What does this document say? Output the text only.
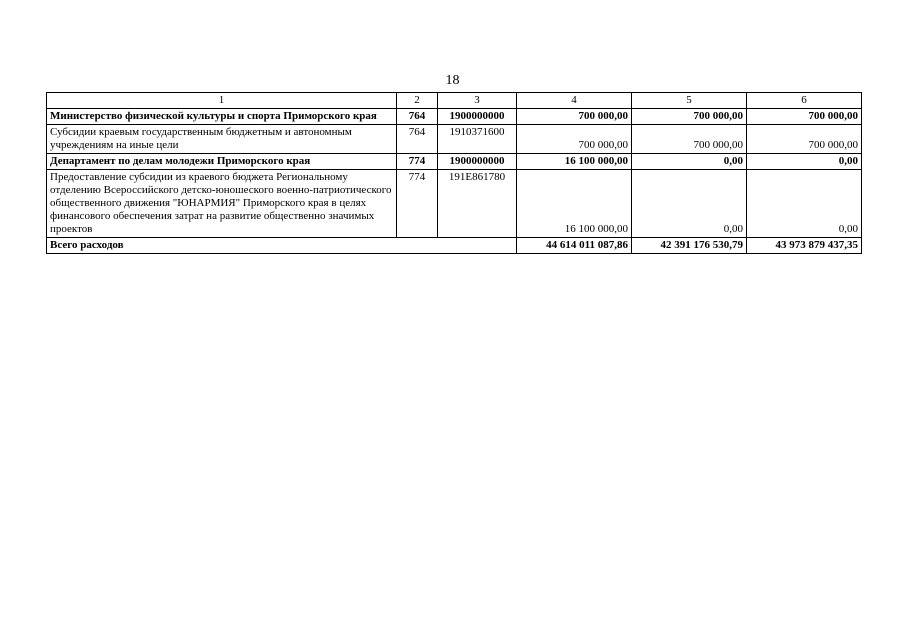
18
1	2	3	4	5	6
Министерство физической культуры и спорта Приморского края	764	1900000000	700 000,00	700 000,00	700 000,00
Субсидии краевым государственным бюджетным и автономным учреждениям на иные цели	764	1910371600	700 000,00	700 000,00	700 000,00
Департамент по делам молодежи Приморского края	774	1900000000	16 100 000,00	0,00	0,00
Предоставление субсидии из краевого бюджета Региональному отделению Всероссийского детско-юношеского военно-патриотического общественного движения "ЮНАРМИЯ" Приморского края в целях финансового обеспечения затрат на развитие общественно значимых проектов	774	191E861780	16 100 000,00	0,00	0,00
Всего расходов			44 614 011 087,86	42 391 176 530,79	43 973 879 437,35
